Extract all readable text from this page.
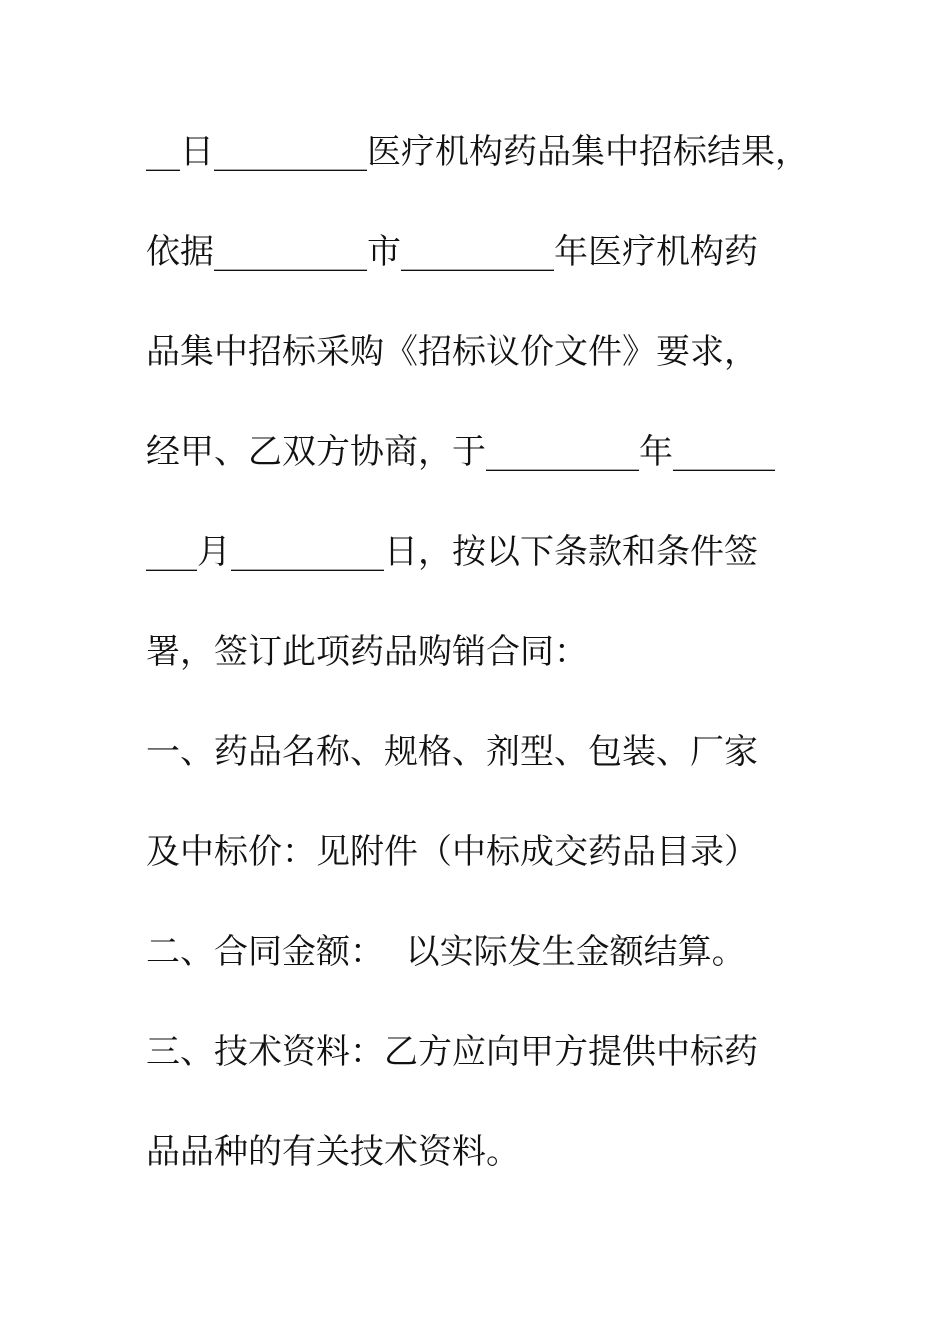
__日_________医疗机构药品集中招标结果，
依据_________市_________年医疗机构药
品集中招标采购《招标议价文件》要求，
经甲、乙双方协商，于_________年______
___月_________日，按以下条款和条件签
署，签订此项药品购销合同：
一、药品名称、规格、剂型、包装、厂家
及中标价：见附件（中标成交药品目录）
二、合同金额：  以实际发生金额结算。
三、技术资料：乙方应向甲方提供中标药
品品种的有关技术资料。
